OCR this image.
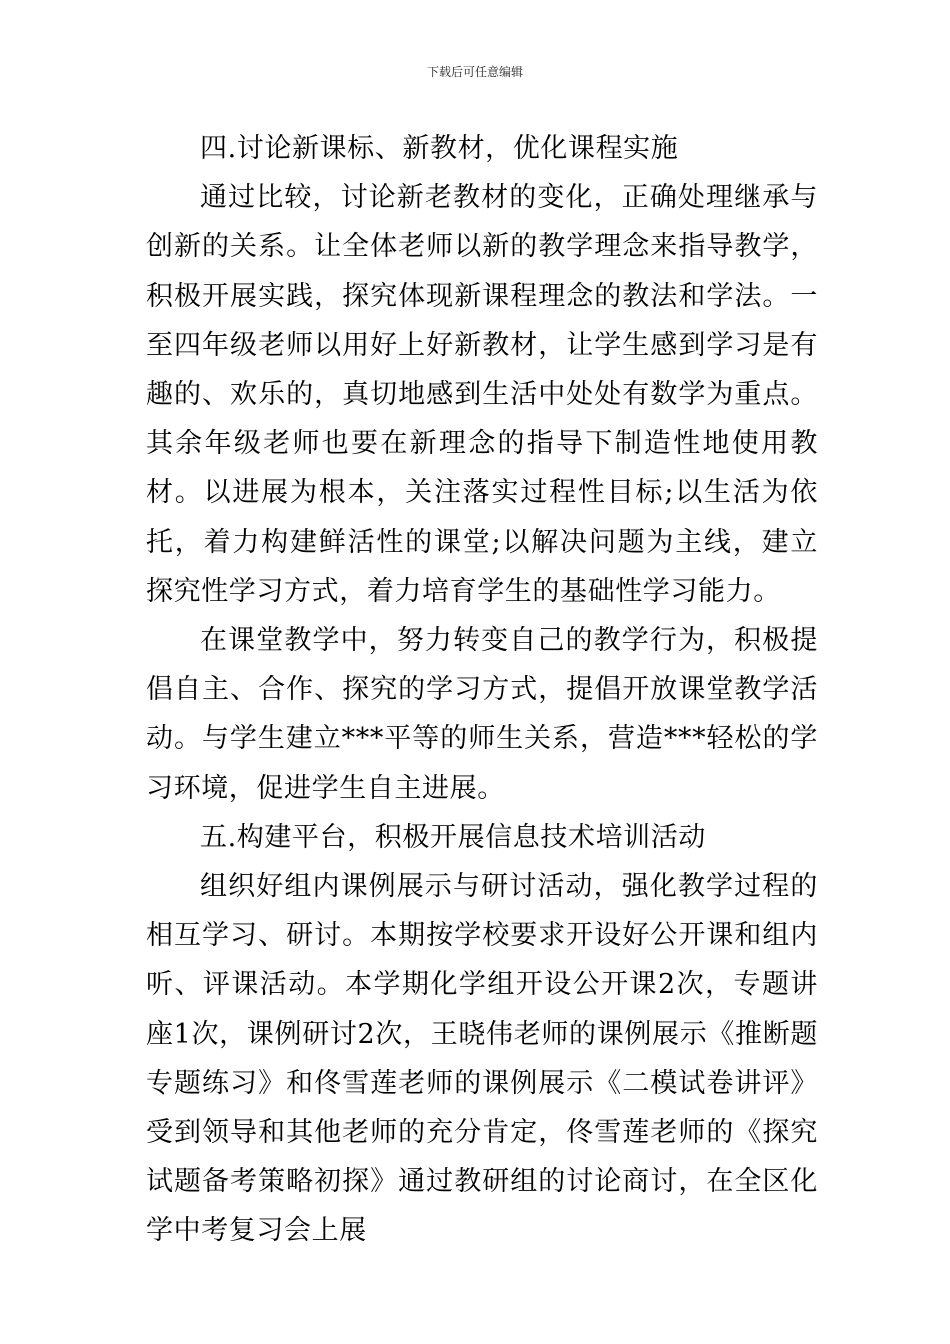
下载后可任意编辑

四.讨论新课标、新教材，优化课程实施

通过比较，讨论新老教材的变化，正确处理继承与创新的关系。让全体老师以新的教学理念来指导教学，积极开展实践，探究体现新课程理念的教法和学法。一至四年级老师以用好上好新教材，让学生感到学习是有趣的、欢乐的，真切地感到生活中处处有数学为重点。其余年级老师也要在新理念的指导下制造性地使用教材。以进展为根本，关注落实过程性目标;以生活为依托，着力构建鲜活性的课堂;以解决问题为主线，建立探究性学习方式，着力培育学生的基础性学习能力。

在课堂教学中，努力转变自己的教学行为，积极提倡自主、合作、探究的学习方式，提倡开放课堂教学活动。与学生建立***平等的师生关系，营造***轻松的学习环境，促进学生自主进展。

五.构建平台，积极开展信息技术培训活动

组织好组内课例展示与研讨活动，强化教学过程的相互学习、研讨。本期按学校要求开设好公开课和组内听、评课活动。本学期化学组开设公开课2次，专题讲座1次，课例研讨2次，王晓伟老师的课例展示《推断题专题练习》和佟雪莲老师的课例展示《二模试卷讲评》受到领导和其他老师的充分肯定，佟雪莲老师的《探究试题备考策略初探》通过教研组的讨论商讨，在全区化学中考复习会上展
